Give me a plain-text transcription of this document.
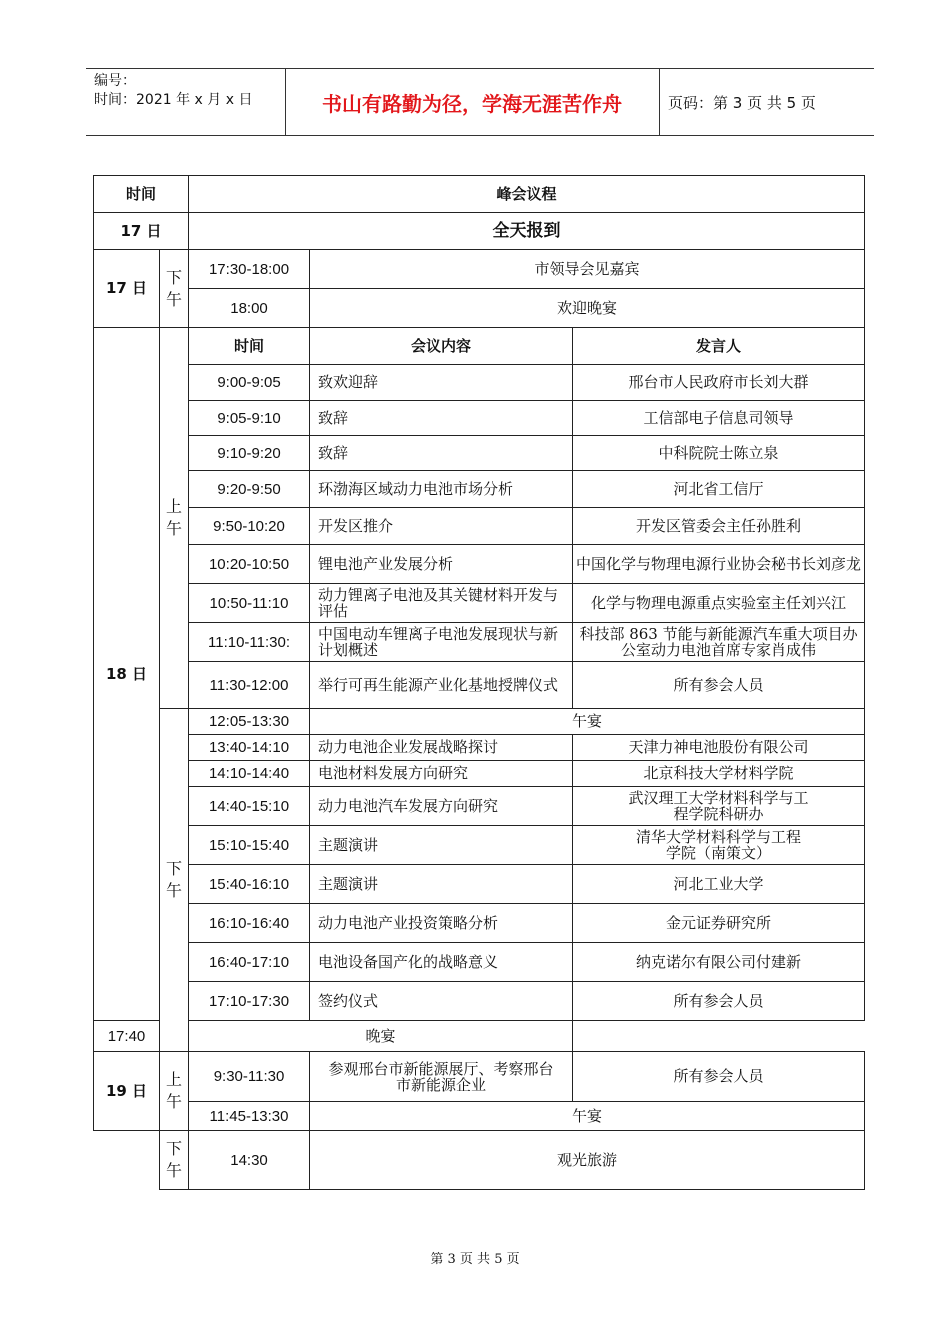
编号：
时间：2021 年 x 月 x 日	书山有路勤为径，学海无涯苦作舟	页码：第 3 页 共 5 页
时间		峰会议程		
17 日		全天报到		
17 日	下午	17:30-18:00	市领导会见嘉宾	
		18:00	欢迎晚宴	
18 日	上午	时间	会议内容	发言人
		9:00-9:05	致欢迎辞	邢台市人民政府市长刘大群
		9:05-9:10	致辞	工信部电子信息司领导
		9:10-9:20	致辞	中科院院士陈立泉
		9:20-9:50	环渤海区域动力电池市场分析	河北省工信厅
		9:50-10:20	开发区推介	开发区管委会主任孙胜利
		10:20-10:50	锂电池产业发展分析	中国化学与物理电源行业协会秘书长刘彦龙
		10:50-11:10	动力锂离子电池及其关键材料开发与评估	化学与物理电源重点实验室主任刘兴江
		11:10-11:30:	中国电动车锂离子电池发展现状与新计划概述	科技部 863 节能与新能源汽车重大项目办公室动力电池首席专家肖成伟
		11:30-12:00	举行可再生能源产业化基地授牌仪式	所有参会人员

	下午	12:05-13:30	午宴	
		13:40-14:10	动力电池企业发展战略探讨	天津力神电池股份有限公司
		14:10-14:40	电池材料发展方向研究	北京科技大学材料学院
		14:40-15:10	动力电池汽车发展方向研究	武汉理工大学材料科学与工程学院科研办
		15:10-15:40	主题演讲	清华大学材料科学与工程学院（南策文）
		15:40-16:10	主题演讲	河北工业大学
		16:10-16:40	动力电池产业投资策略分析	金元证券研究所
		16:40-17:10	电池设备国产化的战略意义	纳克诺尔有限公司付建新
		17:10-17:30	签约仪式	所有参会人员
17:40		晚宴		
19 日	上午	9:30-11:30	参观邢台市新能源展厅、考察邢台市新能源企业	所有参会人员
		11:45-13:30	午宴	

	下午	14:30	观光旅游	
第 3 页 共 5 页
